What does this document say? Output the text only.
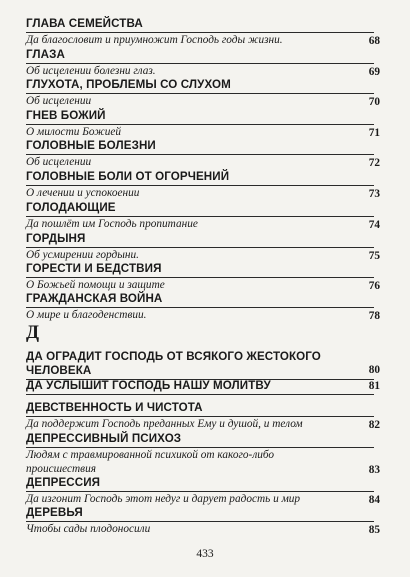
ГЛАВА СЕМЕЙСТВА
Да благословит и приумножит Господь годы жизни.	68
ГЛАЗА
Об исцелении болезни глаз.	69
ГЛУХОТА, ПРОБЛЕМЫ СО СЛУХОМ
Об исцелении	70
ГНЕВ БОЖИЙ
О милости Божией	71
ГОЛОВНЫЕ БОЛЕЗНИ
Об исцелении	72
ГОЛОВНЫЕ БОЛИ ОТ ОГОРЧЕНИЙ
О лечении и успокоении	73
ГОЛОДАЮЩИЕ
Да пошлёт им Господь пропитание	74
ГОРДЫНЯ
Об усмирении гордыни.	75
ГОРЕСТИ И БЕДСТВИЯ
О Божьей помощи и защите	76
ГРАЖДАНСКАЯ ВОЙНА
О мире и благоденствии.	78
Д
ДА ОГРАДИТ ГОСПОДЬ ОТ ВСЯКОГО ЖЕСТОКОГО ЧЕЛОВЕКА	80
ДА УСЛЫШИТ ГОСПОДЬ НАШУ МОЛИТВУ	81
ДЕВСТВЕННОСТЬ И ЧИСТОТА
Да поддержит Господь преданных Ему и душой, и телом	82
ДЕПРЕССИВНЫЙ ПСИХОЗ
Людям с травмированной психикой от какого-либо происшествия	83
ДЕПРЕССИЯ
Да изгонит Господь этот недуг и дарует радость и мир	84
ДЕРЕВЬЯ
Чтобы сады плодоносили	85
433
